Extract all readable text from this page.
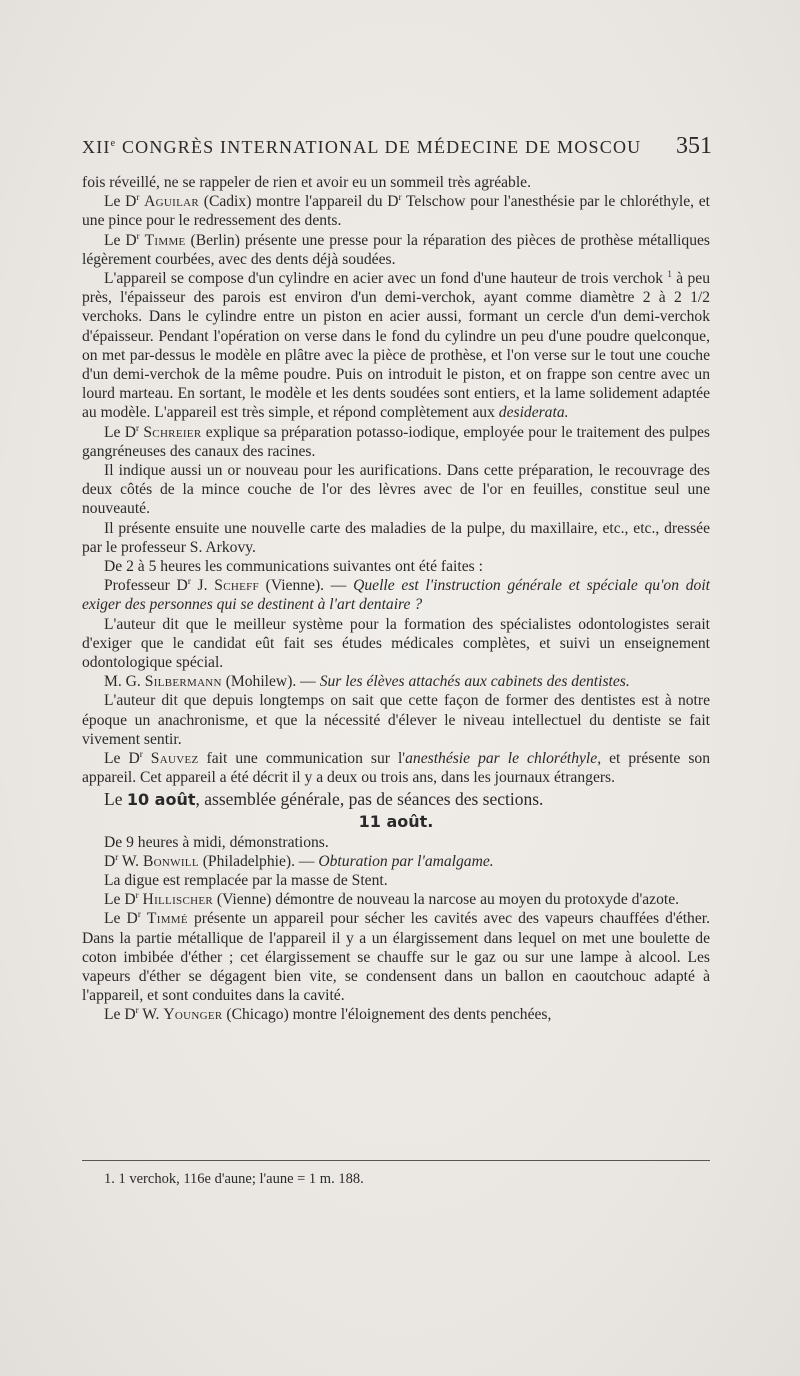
XIIe CONGRÈS INTERNATIONAL DE MÉDECINE DE MOSCOU 351

fois réveillé, ne se rappeler de rien et avoir eu un sommeil très agréable.

Le $D^r$ Aguilar (Cadix) montre l'appareil du $D^r$ Telschow pour l'anesthésie par le chloréthyle, et une pince pour le redressement des dents.

Le $D^r$ Timme (Berlin) présente une presse pour la réparation des pièces de prothèse métalliques légèrement courbées, avec des dents déjà soudées.

L'appareil se compose d'un cylindre en acier avec un fond d'une hauteur de trois verchok $^1$ à peu près, l'épaisseur des parois est environ d'un demi-verchok, ayant comme diamètre 2 à 2 1/2 verchoks. Dans le cylindre entre un piston en acier aussi, formant un cercle d'un demi-verchok d'épaisseur. Pendant l'opération on verse dans le fond du cylindre un peu d'une poudre quelconque, on met par-dessus le modèle en plâtre avec la pièce de prothèse, et l'on verse sur le tout une couche d'un demi-verchok de la même poudre. Puis on introduit le piston, et on frappe son centre avec un lourd marteau. En sortant, le modèle et les dents soudées sont entiers, et la lame solidement adaptée au modèle. L'appareil est très simple, et répond complètement aux desiderata.

Le $D^r$ Schreier explique sa préparation potasso-iodique, employée pour le traitement des pulpes gangréneuses des canaux des racines.

Il indique aussi un or nouveau pour les aurifications. Dans cette préparation, le recouvrage des deux côtés de la mince couche de l'or des lèvres avec de l'or en feuilles, constitue seul une nouveauté.

Il présente ensuite une nouvelle carte des maladies de la pulpe, du maxillaire, etc., etc., dressée par le professeur S. Arkovy.

De 2 à 5 heures les communications suivantes ont été faites :

Professeur $D^r$ J. Scheff (Vienne). — Quelle est l'instruction générale et spéciale qu'on doit exiger des personnes qui se destinent à l'art dentaire ?

L'auteur dit que le meilleur système pour la formation des spécialistes odontologistes serait d'exiger que le candidat eût fait ses études médicales complètes, et suivi un enseignement odontologique spécial.

M. G. Silbermann (Mohilew). — Sur les élèves attachés aux cabinets des dentistes.

L'auteur dit que depuis longtemps on sait que cette façon de former des dentistes est à notre époque un anachronisme, et que la nécessité d'élever le niveau intellectuel du dentiste se fait vivement sentir.

Le $D^r$ Sauvez fait une communication sur l'anesthésie par le chloréthyle, et présente son appareil. Cet appareil a été décrit il y a deux ou trois ans, dans les journaux étrangers.

Le 10 août, assemblée générale, pas de séances des sections.

11 août.

De 9 heures à midi, démonstrations.

$D^r$ W. Bonwill (Philadelphie). — Obturation par l'amalgame.

La digue est remplacée par la masse de Stent.

Le $D^r$ Hillischer (Vienne) démontre de nouveau la narcose au moyen du protoxyde d'azote.

Le $D^r$ Timmé présente un appareil pour sécher les cavités avec des vapeurs chauffées d'éther. Dans la partie métallique de l'appareil il y a un élargissement dans lequel on met une boulette de coton imbibée d'éther ; cet élargissement se chauffe sur le gaz ou sur une lampe à alcool. Les vapeurs d'éther se dégagent bien vite, se condensent dans un ballon en caoutchouc adapté à l'appareil, et sont conduites dans la cavité.

Le $D^r$ W. Younger (Chicago) montre l'éloignement des dents penchées,

1. 1 verchok, 116e d'aune; l'aune = 1 m. 188.
